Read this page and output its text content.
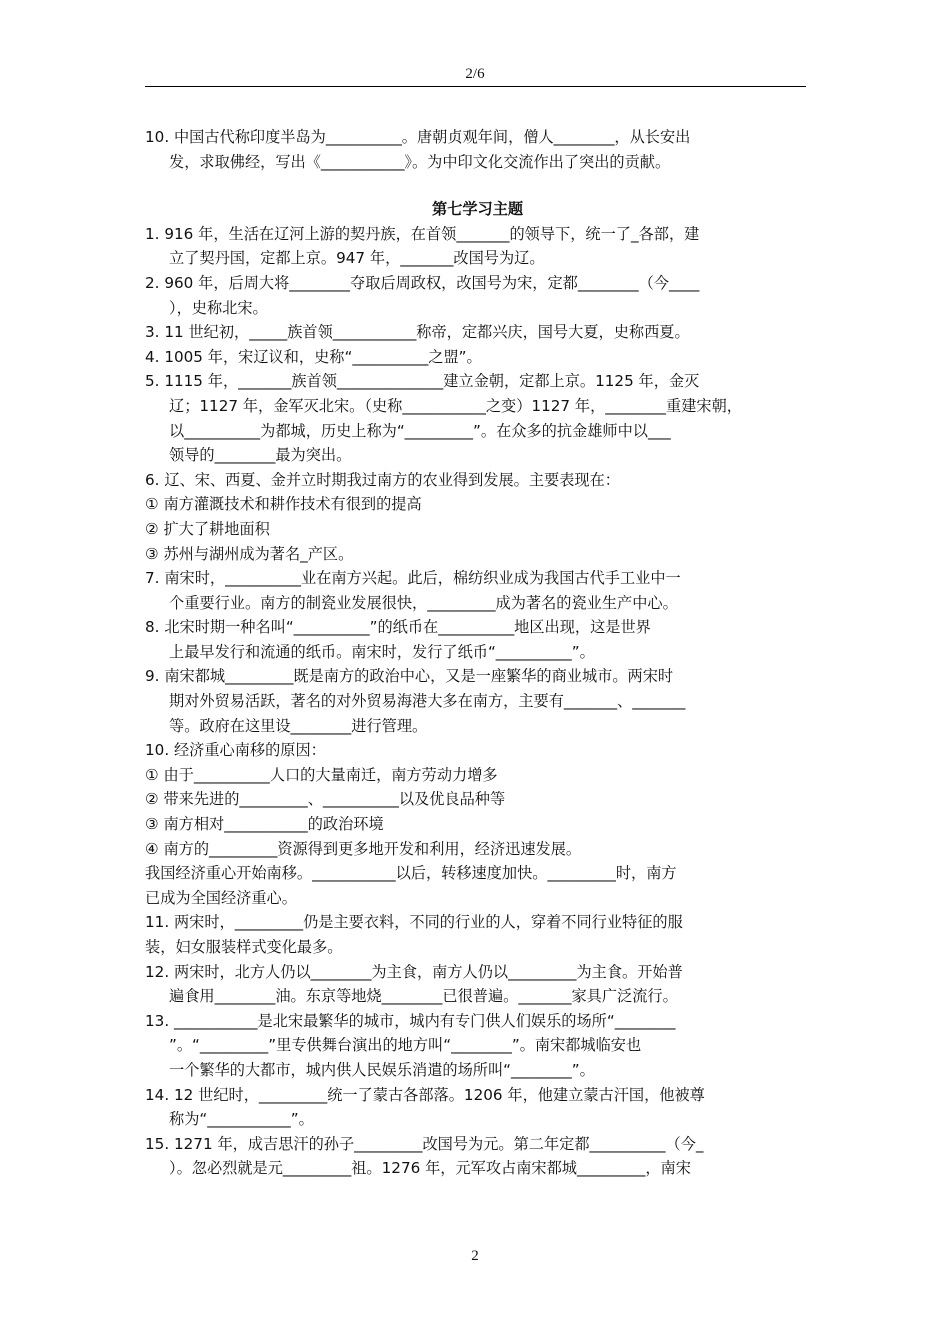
2/6
10. 中国古代称印度半岛为__________。唐朝贞观年间，僧人________，从长安出
发，求取佛经，写出《___________》。为中印文化交流作出了突出的贡献。
第七学习主题
1. 916 年，生活在辽河上游的契丹族，在首领_______的领导下，统一了_各部，建
立了契丹国，定都上京。947 年，_______改国号为辽。
2. 960 年，后周大将________夺取后周政权，改国号为宋，定都________（今____
），史称北宋。
3. 11 世纪初，_____族首领___________称帝，定都兴庆，国号大夏，史称西夏。
4. 1005 年，宋辽议和，史称“__________之盟”。
5. 1115 年，_______族首领______________建立金朝，定都上京。1125 年，金灭
辽；1127 年，金军灭北宋。（史称___________之变）1127 年，________重建宋朝，
以__________为都城，历史上称为“_________”。在众多的抗金雄师中以___
领导的________最为突出。
6. 辽、宋、西夏、金并立时期我过南方的农业得到发展。主要表现在：
① 南方灌溉技术和耕作技术有很到的提高
② 扩大了耕地面积
③ 苏州与湖州成为著名_产区。
7. 南宋时，__________业在南方兴起。此后，棉纺织业成为我国古代手工业中一
个重要行业。南方的制瓷业发展很快，_________成为著名的瓷业生产中心。
8. 北宋时期一种名叫“__________”的纸币在__________地区出现，这是世界
上最早发行和流通的纸币。南宋时，发行了纸币“__________”。
9. 南宋都城_________既是南方的政治中心，又是一座繁华的商业城市。两宋时
期对外贸易活跃，著名的对外贸易海港大多在南方，主要有_______、_______
等。政府在这里设________进行管理。
10. 经济重心南移的原因：
① 由于__________人口的大量南迁，南方劳动力增多
② 带来先进的_________、__________以及优良品种等
③ 南方相对___________的政治环境
④ 南方的_________资源得到更多地开发和利用，经济迅速发展。
我国经济重心开始南移。___________以后，转移速度加快。_________时，南方
已成为全国经济重心。
11. 两宋时，_________仍是主要衣料，不同的行业的人，穿着不同行业特征的服
装，妇女服装样式变化最多。
12. 两宋时，北方人仍以________为主食，南方人仍以_________为主食。开始普
遍食用________油。东京等地烧________已很普遍。_______家具广泛流行。
13. ___________是北宋最繁华的城市，城内有专门供人们娱乐的场所“________
”。“_________”里专供舞台演出的地方叫“________”。南宋都城临安也
一个繁华的大都市，城内供人民娱乐消遣的场所叫“________”。
14. 12 世纪时，_________统一了蒙古各部落。1206 年，他建立蒙古汗国，他被尊
称为“___________”。
15. 1271 年，成吉思汗的孙子_________改国号为元。第二年定都__________（今_
）。忽必烈就是元_________祖。1276 年，元军攻占南宋都城_________，南宋
2
